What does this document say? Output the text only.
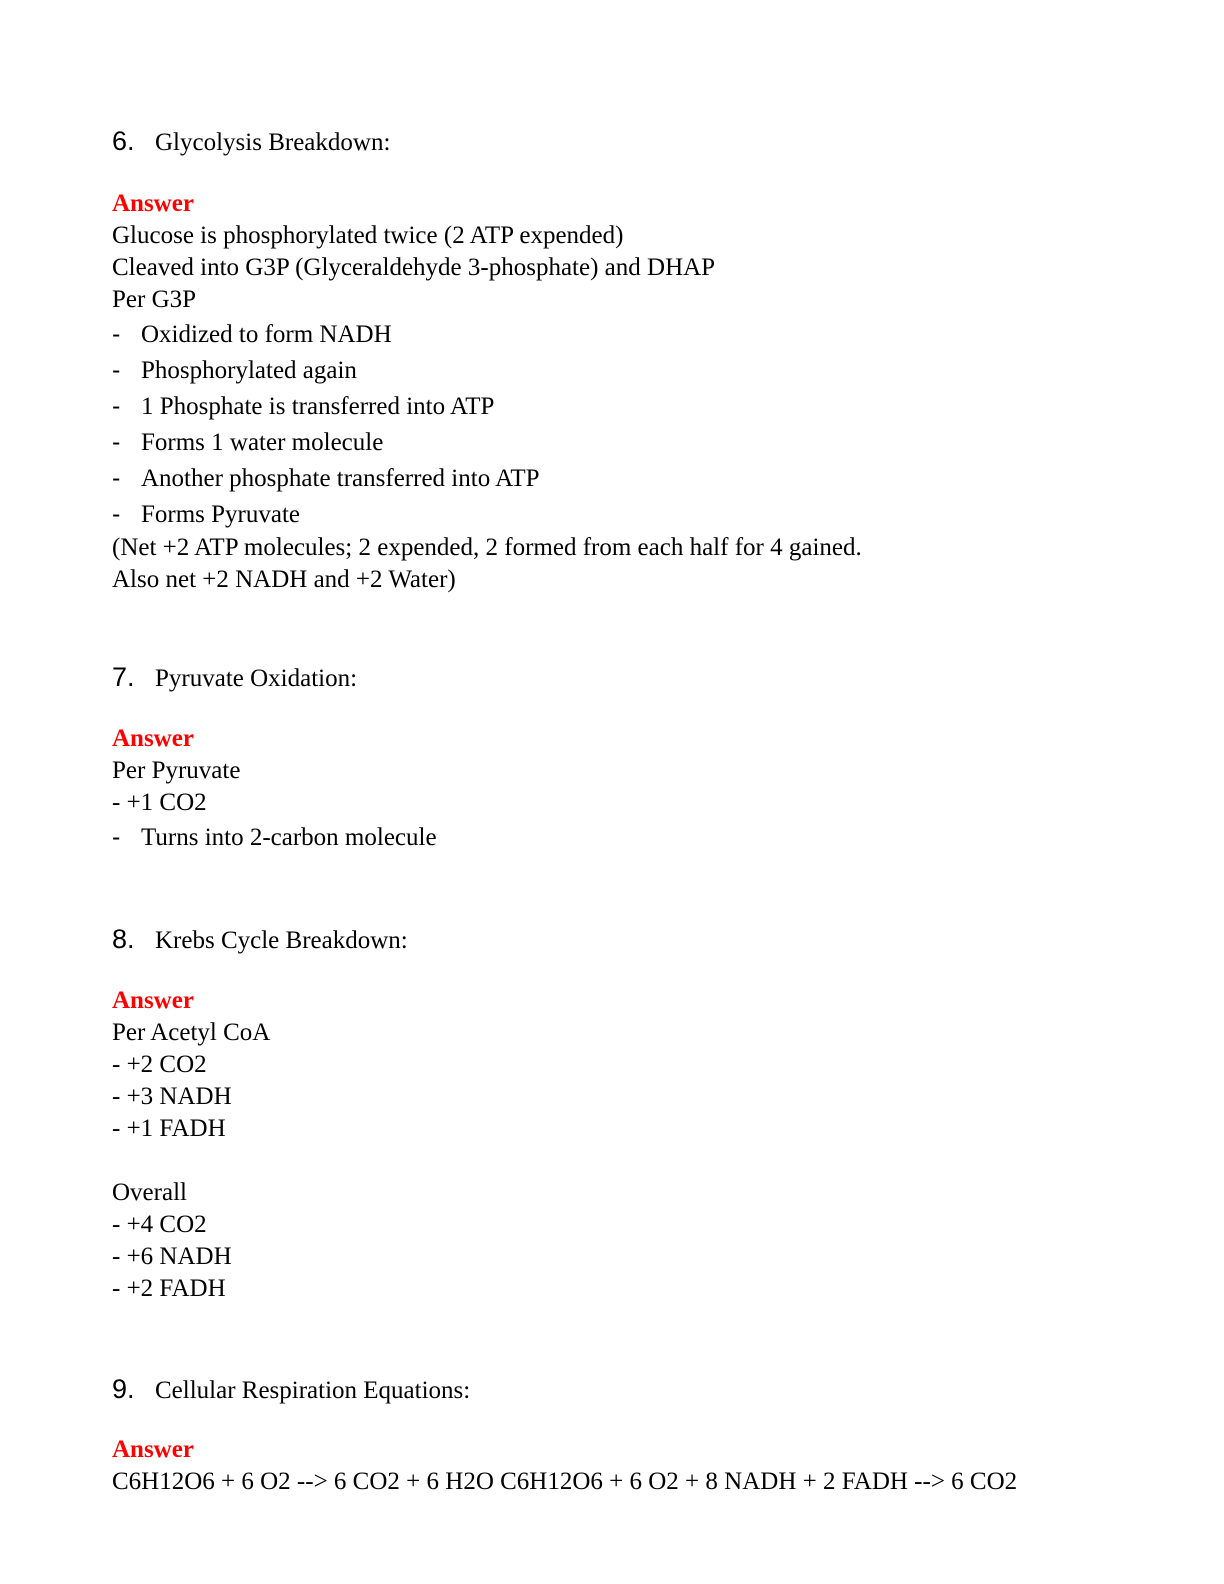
6. Glycolysis Breakdown:
Answer
Glucose is phosphorylated twice (2 ATP expended)
Cleaved into G3P (Glyceraldehyde 3-phosphate) and DHAP
Per G3P
- Oxidized to form NADH
- Phosphorylated again
- 1 Phosphate is transferred into ATP
- Forms 1 water molecule
- Another phosphate transferred into ATP
- Forms Pyruvate
(Net +2 ATP molecules; 2 expended, 2 formed from each half for 4 gained.
Also net +2 NADH and +2 Water)
7. Pyruvate Oxidation:
Answer
Per Pyruvate
- +1 CO2
- Turns into 2-carbon molecule
8. Krebs Cycle Breakdown:
Answer
Per Acetyl CoA
- +2 CO2
- +3 NADH
- +1 FADH
Overall
- +4 CO2
- +6 NADH
- +2 FADH
9. Cellular Respiration Equations:
Answer
C6H12O6 + 6 O2 --> 6 CO2 + 6 H2O C6H12O6 + 6 O2 + 8 NADH + 2 FADH --> 6 CO2
